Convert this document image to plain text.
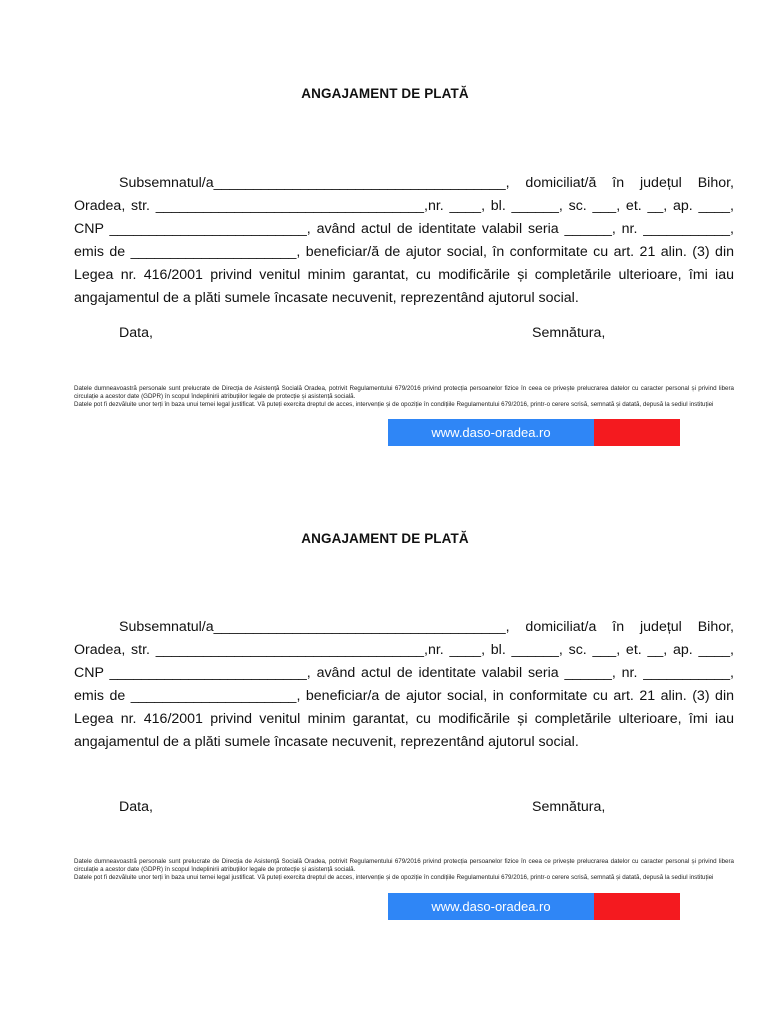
ANGAJAMENT DE PLATĂ

Subsemnatul/a_____________________________________, domiciliat/ă în județul Bihor, Oradea, str. __________________________________,nr. ____, bl. ______, sc. ___, et. __, ap. ____, CNP _________________________, având actul de identitate valabil seria ______, nr. ___________, emis de _____________________, beneficiar/ă de ajutor social, în conformitate cu art. 21 alin. (3) din Legea nr. 416/2001 privind venitul minim garantat, cu modificările și completările ulterioare, îmi iau angajamentul de a plăti sumele încasate necuvenit, reprezentând ajutorul social.

Data,	Semnătura,
Datele dumneavoastră personale sunt prelucrate de Direcția de Asistență Socială Oradea, potrivit Regulamentului 679/2016 privind protecția persoanelor fizice în ceea ce privește prelucrarea datelor cu caracter personal și privind libera circulație a acestor date (GDPR) în scopul îndeplinirii atribuțiilor legale de protecție și asistență socială.
Datele pot fi dezvăluite unor terți în baza unui temei legal justificat. Vă puteți exercita dreptul de acces, intervenție și de opoziție în condițiile Regulamentului 679/2016, printr-o cerere scrisă, semnată și datată, depusă la sediul instituției
www.daso-oradea.ro
ANGAJAMENT DE PLATĂ

Subsemnatul/a_____________________________________, domiciliat/a în județul Bihor, Oradea, str. __________________________________,nr. ____, bl. ______, sc. ___, et. __, ap. ____, CNP _________________________, având actul de identitate valabil seria ______, nr. ___________, emis de _____________________, beneficiar/a de ajutor social, in conformitate cu art. 21 alin. (3) din Legea nr. 416/2001 privind venitul minim garantat, cu modificările și completările ulterioare, îmi iau angajamentul de a plăti sumele încasate necuvenit, reprezentând ajutorul social.

Data,	Semnătura,
Datele dumneavoastră personale sunt prelucrate de Direcția de Asistență Socială Oradea, potrivit Regulamentului 679/2016 privind protecția persoanelor fizice în ceea ce privește prelucrarea datelor cu caracter personal și privind libera circulație a acestor date (GDPR) în scopul îndeplinirii atribuțiilor legale de protecție și asistență socială.
Datele pot fi dezvăluite unor terți în baza unui temei legal justificat. Vă puteți exercita dreptul de acces, intervenție și de opoziție în condițiile Regulamentului 679/2016, printr-o cerere scrisă, semnată și datată, depusă la sediul instituției
www.daso-oradea.ro
